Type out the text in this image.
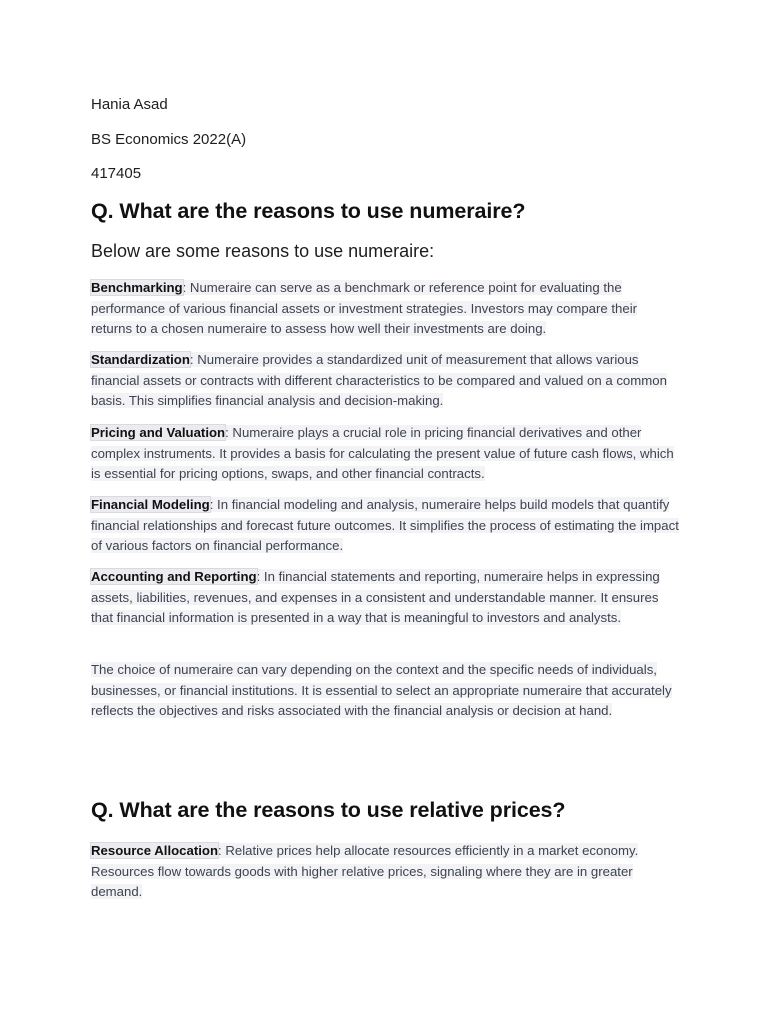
Hania Asad

BS Economics 2022(A)

417405

Q. What are the reasons to use numeraire?

Below are some reasons to use numeraire:

Benchmarking: Numeraire can serve as a benchmark or reference point for evaluating the performance of various financial assets or investment strategies. Investors may compare their returns to a chosen numeraire to assess how well their investments are doing.

Standardization: Numeraire provides a standardized unit of measurement that allows various financial assets or contracts with different characteristics to be compared and valued on a common basis. This simplifies financial analysis and decision-making.

Pricing and Valuation: Numeraire plays a crucial role in pricing financial derivatives and other complex instruments. It provides a basis for calculating the present value of future cash flows, which is essential for pricing options, swaps, and other financial contracts.

Financial Modeling: In financial modeling and analysis, numeraire helps build models that quantify financial relationships and forecast future outcomes. It simplifies the process of estimating the impact of various factors on financial performance.

Accounting and Reporting: In financial statements and reporting, numeraire helps in expressing assets, liabilities, revenues, and expenses in a consistent and understandable manner. It ensures that financial information is presented in a way that is meaningful to investors and analysts.

The choice of numeraire can vary depending on the context and the specific needs of individuals, businesses, or financial institutions. It is essential to select an appropriate numeraire that accurately reflects the objectives and risks associated with the financial analysis or decision at hand.

Q. What are the reasons to use relative prices?

Resource Allocation: Relative prices help allocate resources efficiently in a market economy. Resources flow towards goods with higher relative prices, signaling where they are in greater demand.
